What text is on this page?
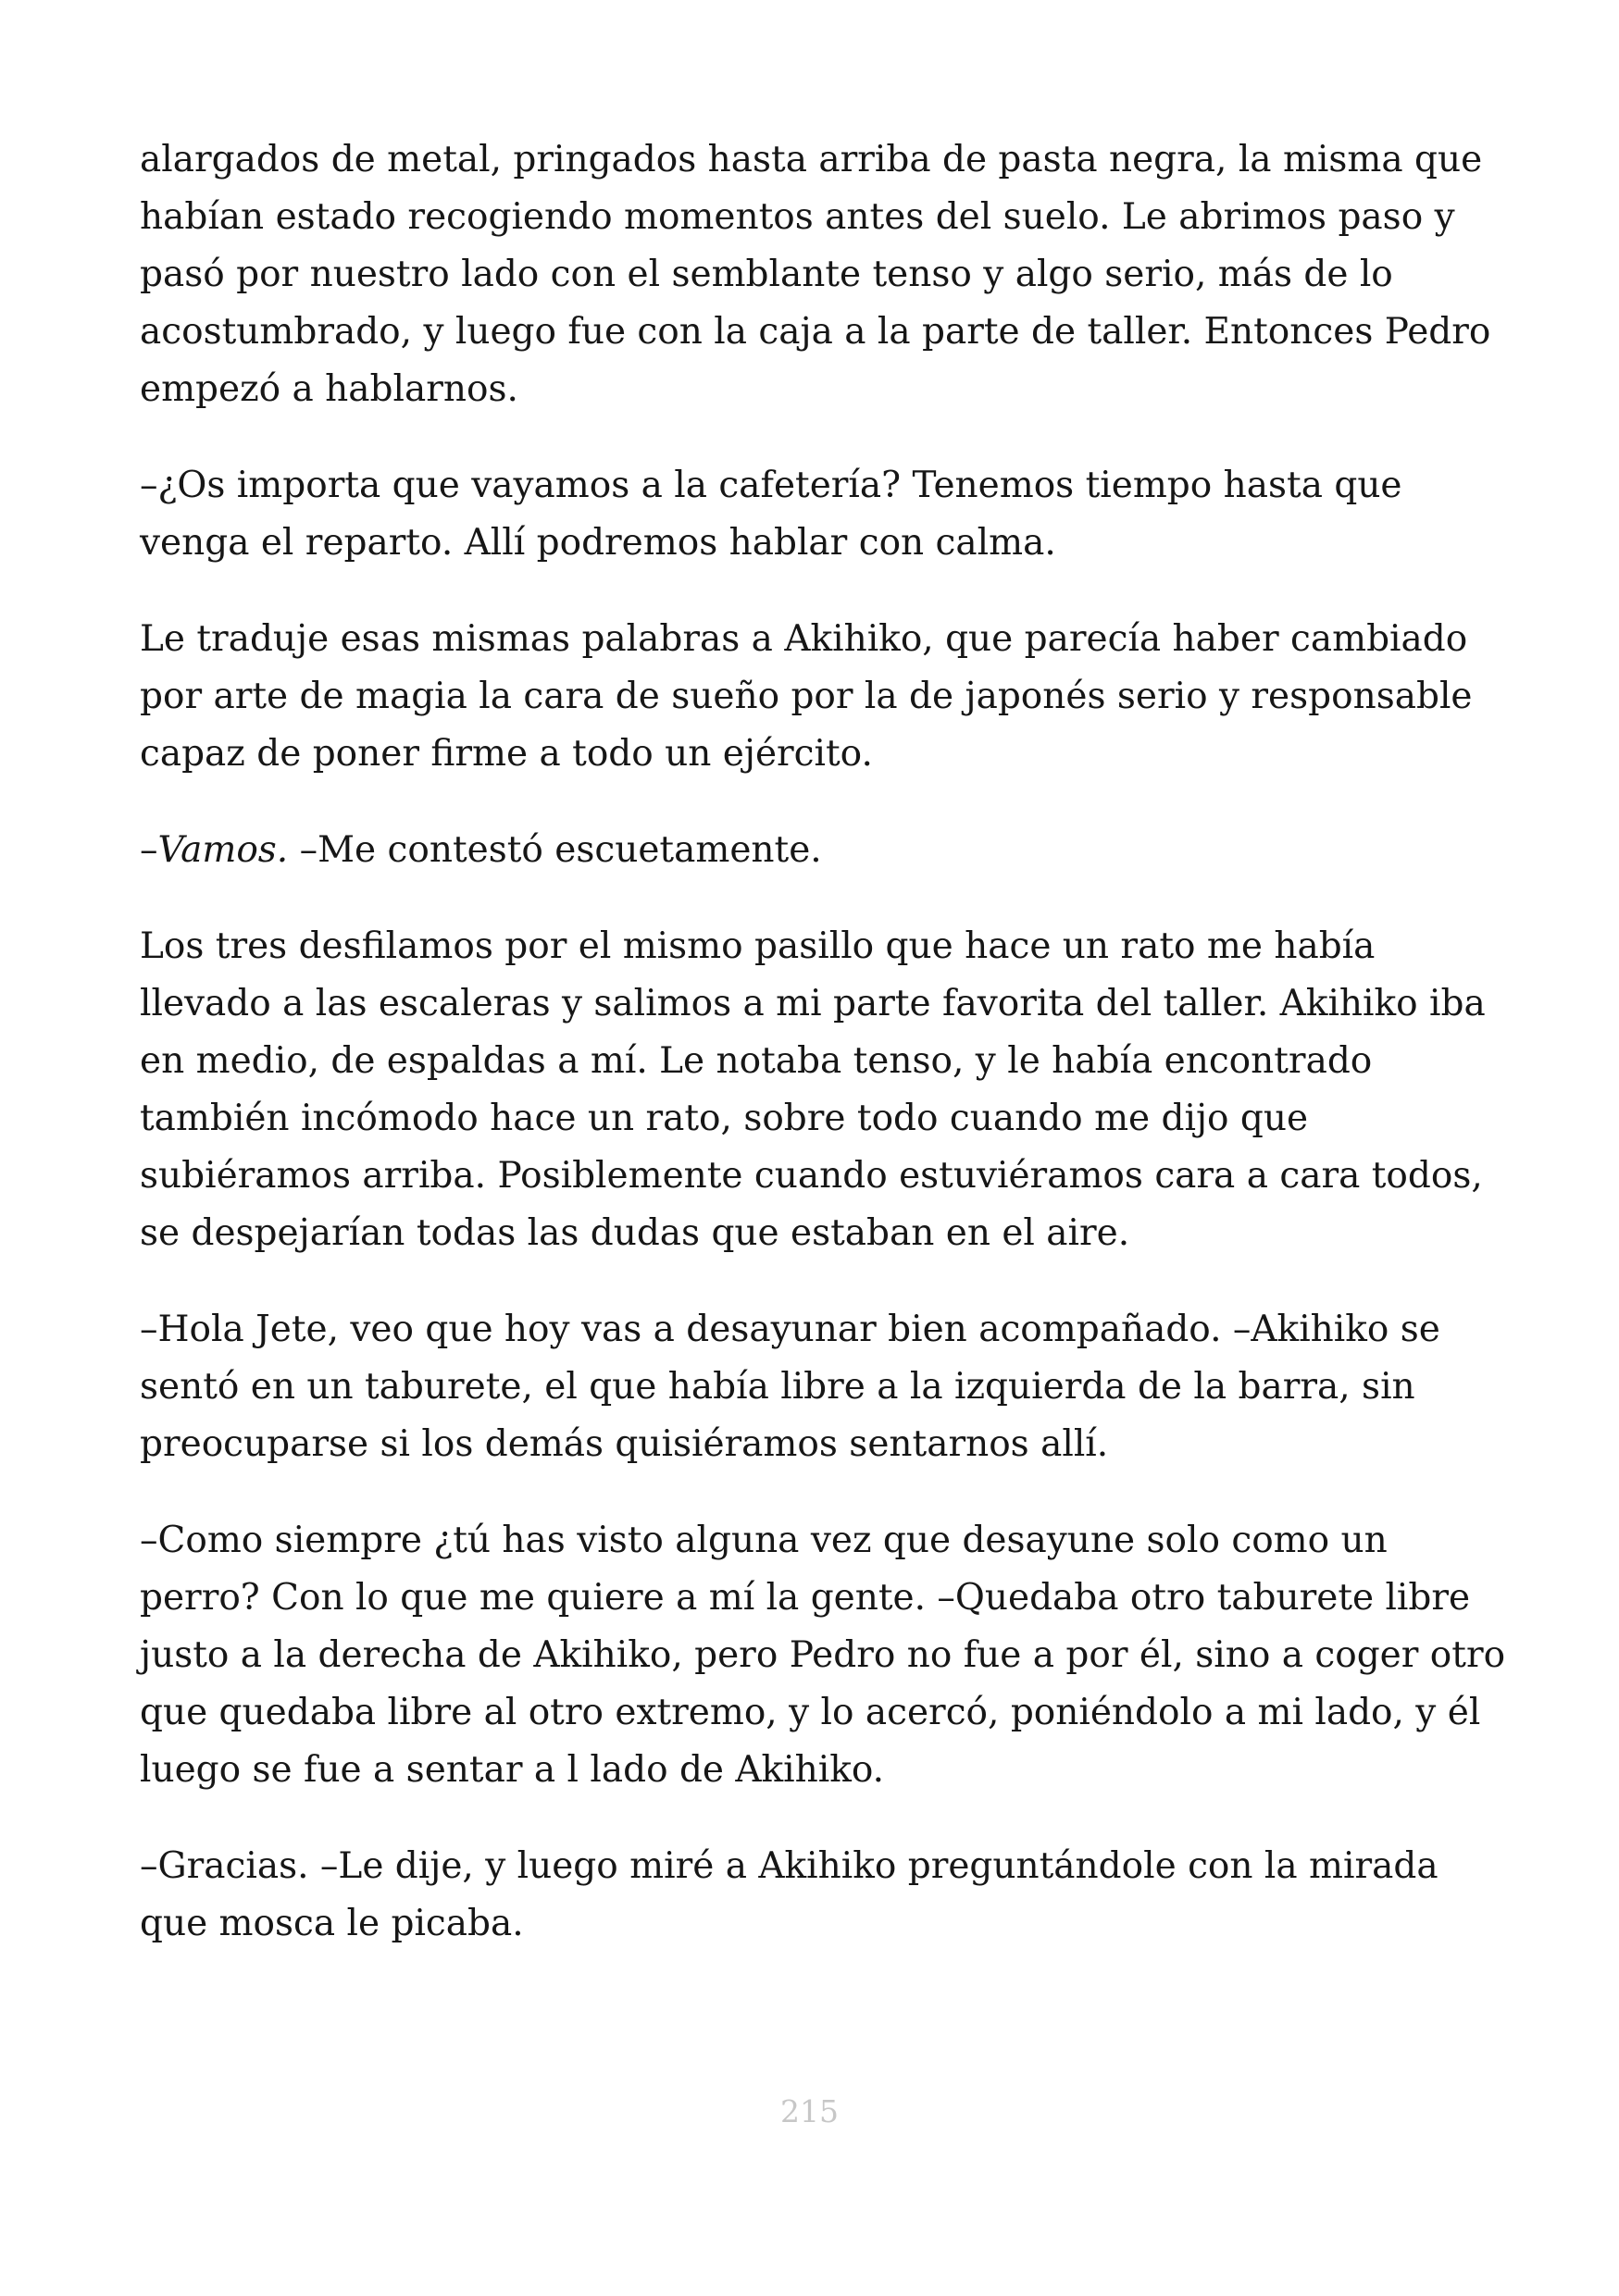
alargados de metal, pringados hasta arriba de pasta negra, la misma que
habían estado recogiendo momentos antes del suelo. Le abrimos paso y
pasó por nuestro lado con el semblante tenso y algo serio, más de lo
acostumbrado, y luego fue con la caja a la parte de taller. Entonces Pedro
empezó a hablarnos.

–¿Os importa que vayamos a la cafetería? Tenemos tiempo hasta que
venga el reparto. Allí podremos hablar con calma.

Le traduje esas mismas palabras a Akihiko, que parecía haber cambiado
por arte de magia la cara de sueño por la de japonés serio y responsable
capaz de poner firme a todo un ejército.

–Vamos. –Me contestó escuetamente.

Los tres desfilamos por el mismo pasillo que hace un rato me había
llevado a las escaleras y salimos a mi parte favorita del taller. Akihiko iba
en medio, de espaldas a mí. Le notaba tenso, y le había encontrado
también incómodo hace un rato, sobre todo cuando me dijo que
subiéramos arriba. Posiblemente cuando estuviéramos cara a cara todos,
se despejarían todas las dudas que estaban en el aire.

–Hola Jete, veo que hoy vas a desayunar bien acompañado. –Akihiko se
sentó en un taburete, el que había libre a la izquierda de la barra, sin
preocuparse si los demás quisiéramos sentarnos allí.

–Como siempre ¿tú has visto alguna vez que desayune solo como un
perro? Con lo que me quiere a mí la gente. –Quedaba otro taburete libre
justo a la derecha de Akihiko, pero Pedro no fue a por él, sino a coger otro
que quedaba libre al otro extremo, y lo acercó, poniéndolo a mi lado, y él
luego se fue a sentar a l lado de Akihiko.

–Gracias. –Le dije, y luego miré a Akihiko preguntándole con la mirada
que mosca le picaba.

215
